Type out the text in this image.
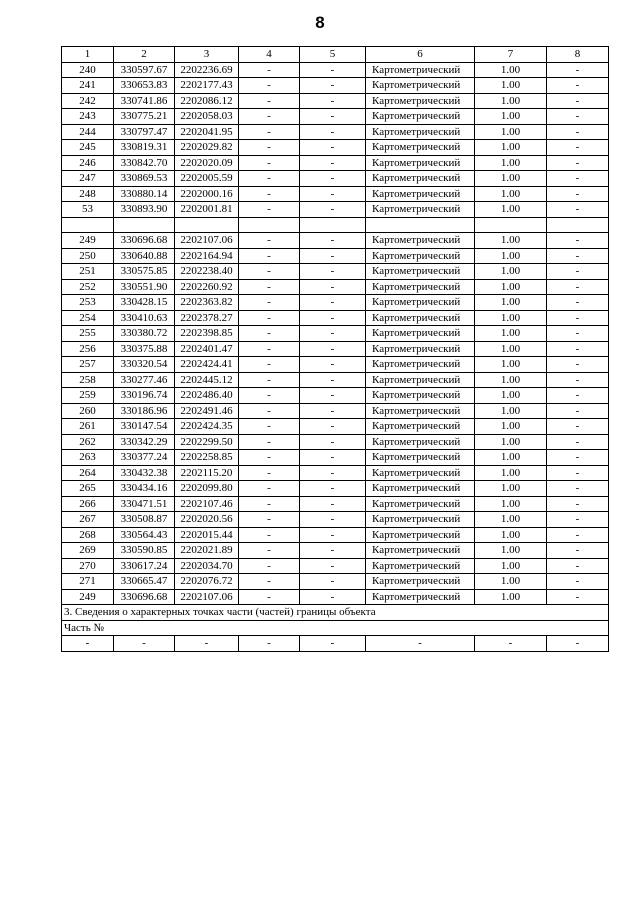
8
1	2	3	4	5	6	7	8
240	330597.67	2202236.69	-	-	Картометрический	1.00	-
241	330653.83	2202177.43	-	-	Картометрический	1.00	-
242	330741.86	2202086.12	-	-	Картометрический	1.00	-
243	330775.21	2202058.03	-	-	Картометрический	1.00	-
244	330797.47	2202041.95	-	-	Картометрический	1.00	-
245	330819.31	2202029.82	-	-	Картометрический	1.00	-
246	330842.70	2202020.09	-	-	Картометрический	1.00	-
247	330869.53	2202005.59	-	-	Картометрический	1.00	-
248	330880.14	2202000.16	-	-	Картометрический	1.00	-
53	330893.90	2202001.81	-	-	Картометрический	1.00	-

249	330696.68	2202107.06	-	-	Картометрический	1.00	-
250	330640.88	2202164.94	-	-	Картометрический	1.00	-
251	330575.85	2202238.40	-	-	Картометрический	1.00	-
252	330551.90	2202260.92	-	-	Картометрический	1.00	-
253	330428.15	2202363.82	-	-	Картометрический	1.00	-
254	330410.63	2202378.27	-	-	Картометрический	1.00	-
255	330380.72	2202398.85	-	-	Картометрический	1.00	-
256	330375.88	2202401.47	-	-	Картометрический	1.00	-
257	330320.54	2202424.41	-	-	Картометрический	1.00	-
258	330277.46	2202445.12	-	-	Картометрический	1.00	-
259	330196.74	2202486.40	-	-	Картометрический	1.00	-
260	330186.96	2202491.46	-	-	Картометрический	1.00	-
261	330147.54	2202424.35	-	-	Картометрический	1.00	-
262	330342.29	2202299.50	-	-	Картометрический	1.00	-
263	330377.24	2202258.85	-	-	Картометрический	1.00	-
264	330432.38	2202115.20	-	-	Картометрический	1.00	-
265	330434.16	2202099.80	-	-	Картометрический	1.00	-
266	330471.51	2202107.46	-	-	Картометрический	1.00	-
267	330508.87	2202020.56	-	-	Картометрический	1.00	-
268	330564.43	2202015.44	-	-	Картометрический	1.00	-
269	330590.85	2202021.89	-	-	Картометрический	1.00	-
270	330617.24	2202034.70	-	-	Картометрический	1.00	-
271	330665.47	2202076.72	-	-	Картометрический	1.00	-
249	330696.68	2202107.06	-	-	Картометрический	1.00	-
3. Сведения о характерных точках части (частей) границы объекта							
Часть №							
-	-	-	-	-	-	-	-
